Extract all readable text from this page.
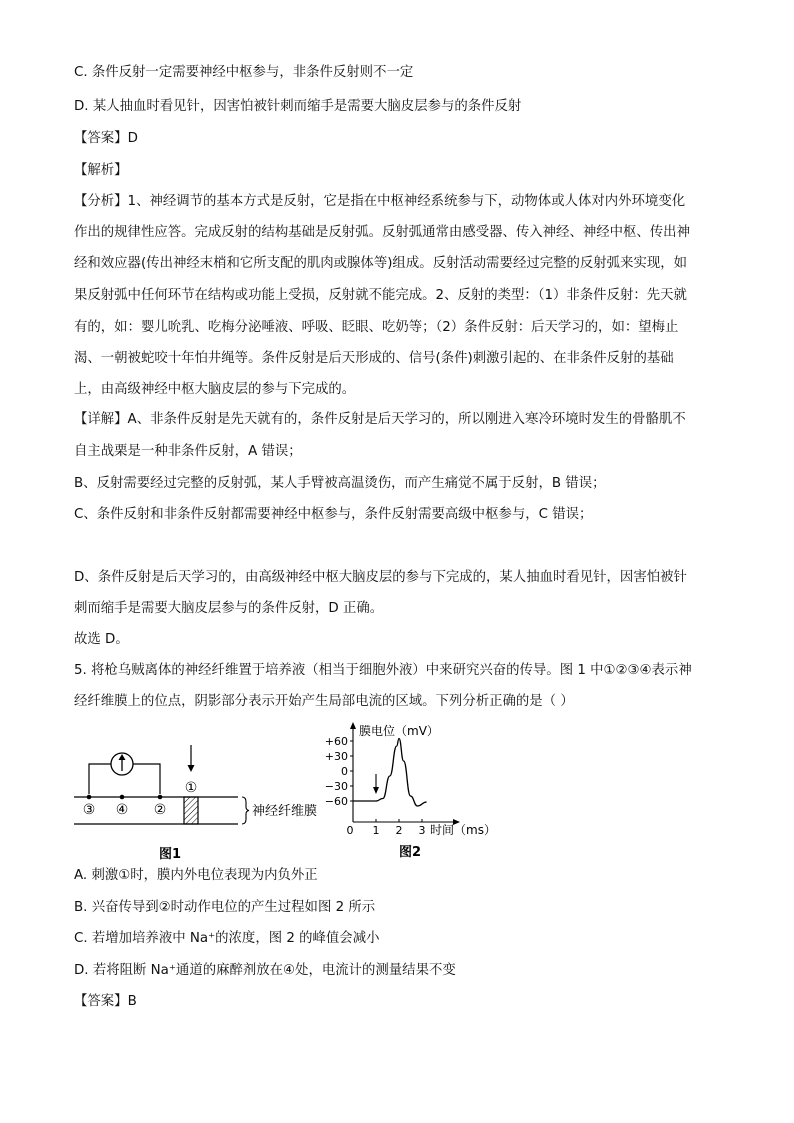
C. 条件反射一定需要神经中枢参与，非条件反射则不一定
D. 某人抽血时看见针，因害怕被针刺而缩手是需要大脑皮层参与的条件反射
【答案】D
【解析】
【分析】1、神经调节的基本方式是反射，它是指在中枢神经系统参与下，动物体或人体对内外环境变化
作出的规律性应答。完成反射的结构基础是反射弧。反射弧通常由感受器、传入神经、神经中枢、传出神
经和效应器(传出神经末梢和它所支配的肌肉或腺体等)组成。反射活动需要经过完整的反射弧来实现，如
果反射弧中任何环节在结构或功能上受损，反射就不能完成。2、反射的类型：（1）非条件反射：先天就
有的，如：婴儿吮乳、吃梅分泌唾液、呼吸、眨眼、吃奶等；（2）条件反射：后天学习的，如：望梅止
渴、一朝被蛇咬十年怕井绳等。条件反射是后天形成的、信号(条件)刺激引起的、在非条件反射的基础
上，由高级神经中枢大脑皮层的参与下完成的。
【详解】A、非条件反射是先天就有的，条件反射是后天学习的，所以刚进入寒冷环境时发生的骨骼肌不
自主战栗是一种非条件反射，A 错误；
B、反射需要经过完整的反射弧，某人手臂被高温烫伤，而产生痛觉不属于反射，B 错误；
C、条件反射和非条件反射都需要神经中枢参与，条件反射需要高级中枢参与，C 错误；
D、条件反射是后天学习的，由高级神经中枢大脑皮层的参与下完成的，某人抽血时看见针，因害怕被针
刺而缩手是需要大脑皮层参与的条件反射，D 正确。
故选 D。
5. 将枪乌贼离体的神经纤维置于培养液（相当于细胞外液）中来研究兴奋的传导。图 1 中①②③④表示神
经纤维膜上的位点，阴影部分表示开始产生局部电流的区域。下列分析正确的是（ ）
①
③ ④ ②	神经纤维膜
图1
膜电位（mV）
+60
+30
0
−30
−60
0 1 2 3 时间（ms）
图2
A. 刺激①时，膜内外电位表现为内负外正
B. 兴奋传导到②时动作电位的产生过程如图 2 所示
C. 若增加培养液中 Na⁺的浓度，图 2 的峰值会减小
D. 若将阻断 Na⁺通道的麻醉剂放在④处，电流计的测量结果不变
【答案】B
